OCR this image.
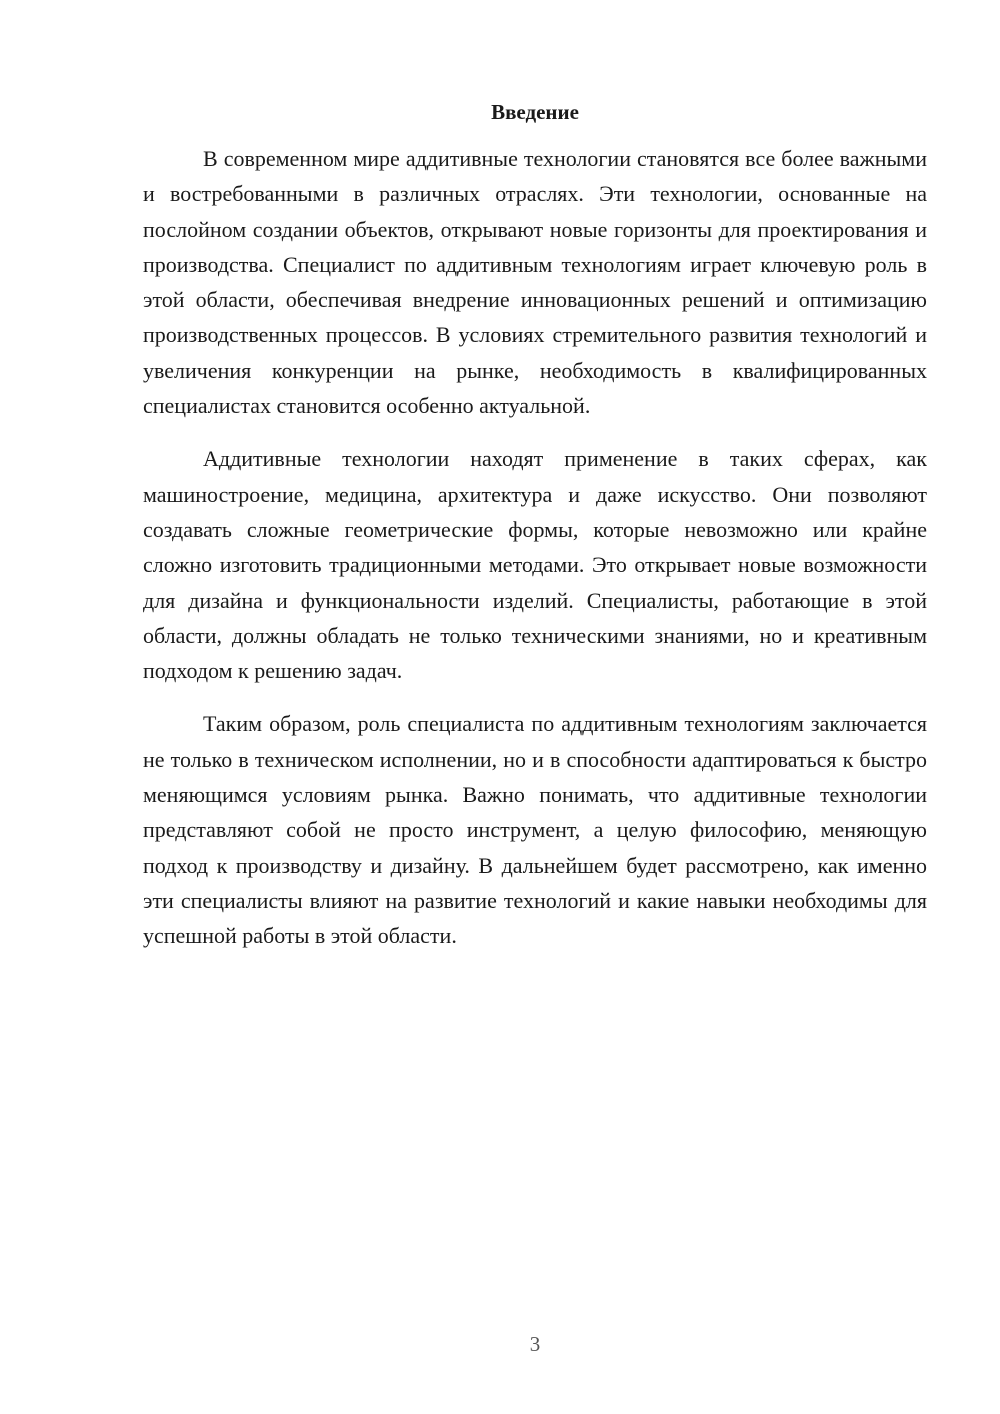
Введение

В современном мире аддитивные технологии становятся все более важными и востребованными в различных отраслях. Эти технологии, основанные на послойном создании объектов, открывают новые горизонты для проектирования и производства. Специалист по аддитивным технологиям играет ключевую роль в этой области, обеспечивая внедрение инновационных решений и оптимизацию производственных процессов. В условиях стремительного развития технологий и увеличения конкуренции на рынке, необходимость в квалифицированных специалистах становится особенно актуальной.

Аддитивные технологии находят применение в таких сферах, как машиностроение, медицина, архитектура и даже искусство. Они позволяют создавать сложные геометрические формы, которые невозможно или крайне сложно изготовить традиционными методами. Это открывает новые возможности для дизайна и функциональности изделий. Специалисты, работающие в этой области, должны обладать не только техническими знаниями, но и креативным подходом к решению задач.

Таким образом, роль специалиста по аддитивным технологиям заключается не только в техническом исполнении, но и в способности адаптироваться к быстро меняющимся условиям рынка. Важно понимать, что аддитивные технологии представляют собой не просто инструмент, а целую философию, меняющую подход к производству и дизайну. В дальнейшем будет рассмотрено, как именно эти специалисты влияют на развитие технологий и какие навыки необходимы для успешной работы в этой области.

3
